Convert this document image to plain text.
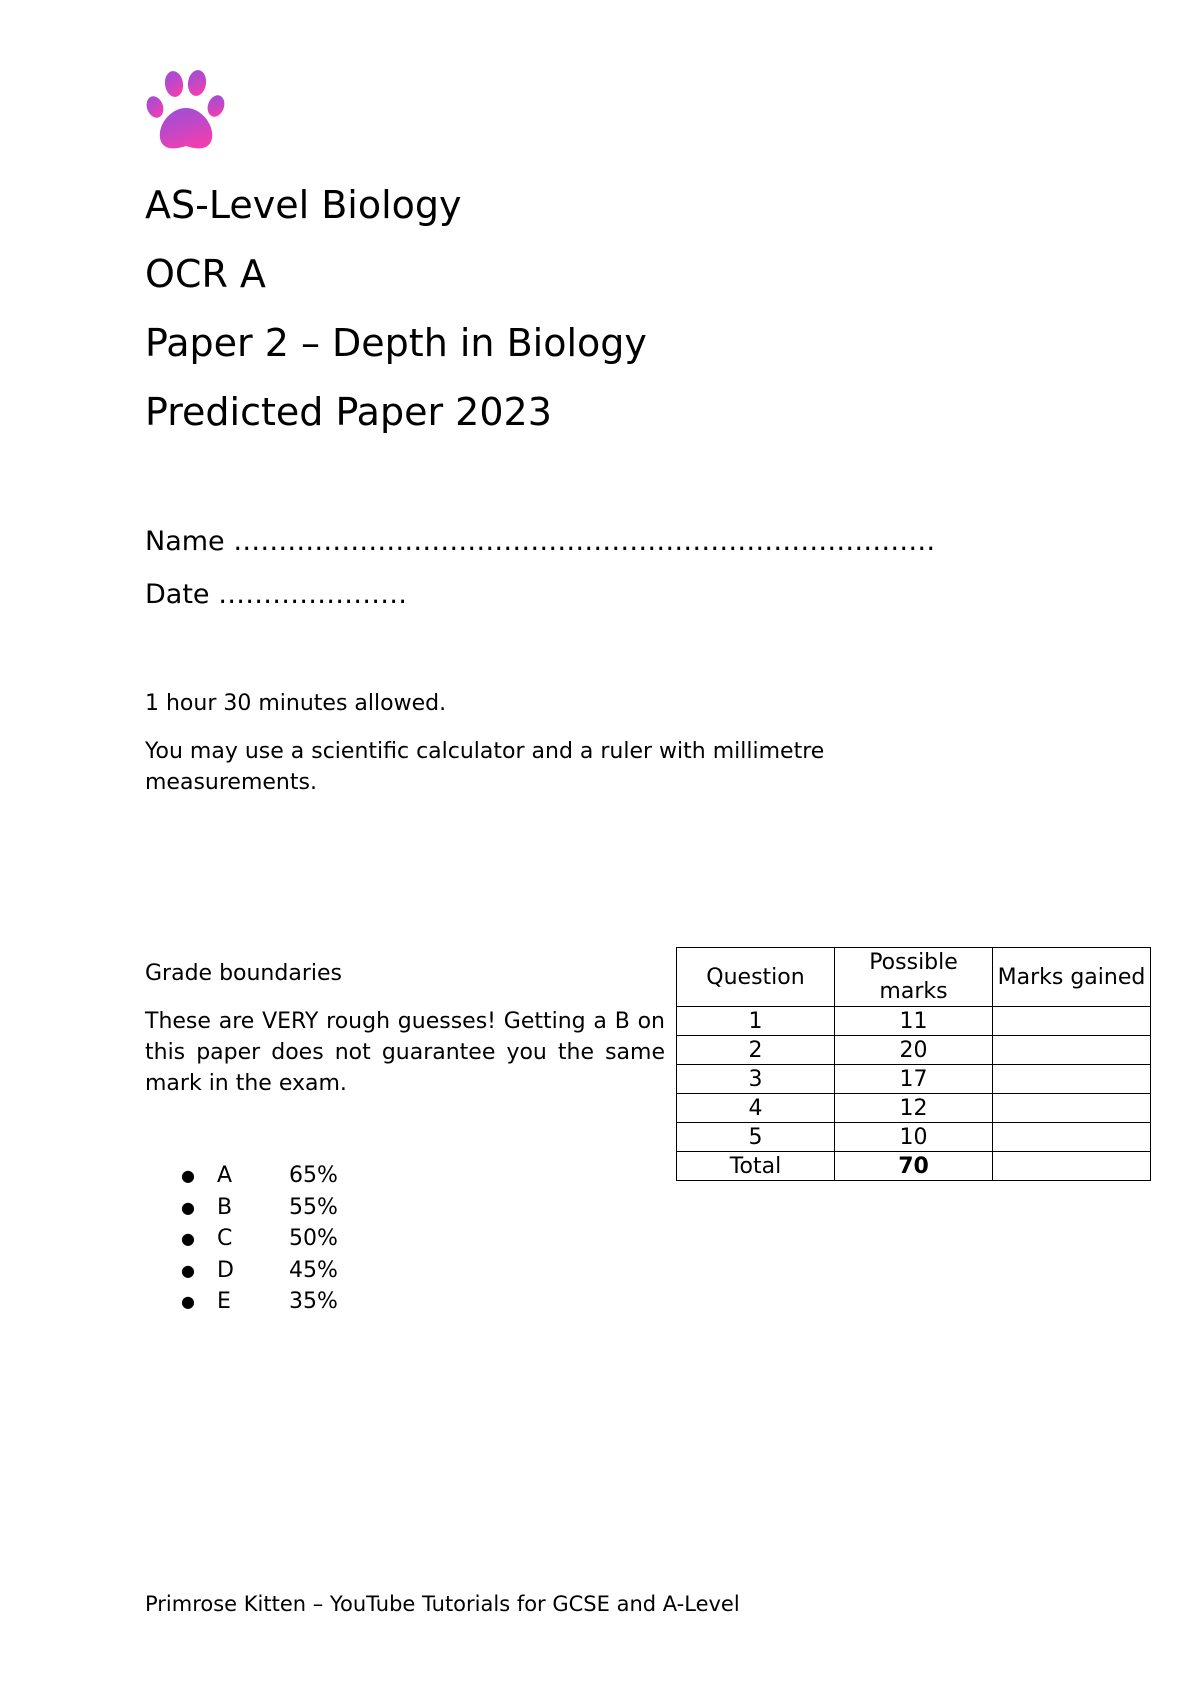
AS-Level Biology
OCR A
Paper 2 – Depth in Biology
Predicted Paper 2023
Name ……………………………………………………………………
Date …………………
1 hour 30 minutes allowed.
You may use a scientific calculator and a ruler with millimetre measurements.
Grade boundaries
These are VERY rough guesses! Getting a B on this paper does not guarantee you the same mark in the exam.
● A	65%
● B	55%
● C	50%
● D	45%
● E	35%
Question	Possible marks	Marks gained
1	11	
2	20	
3	17	
4	12	
5	10	
Total	70	
Primrose Kitten – YouTube Tutorials for GCSE and A-Level
